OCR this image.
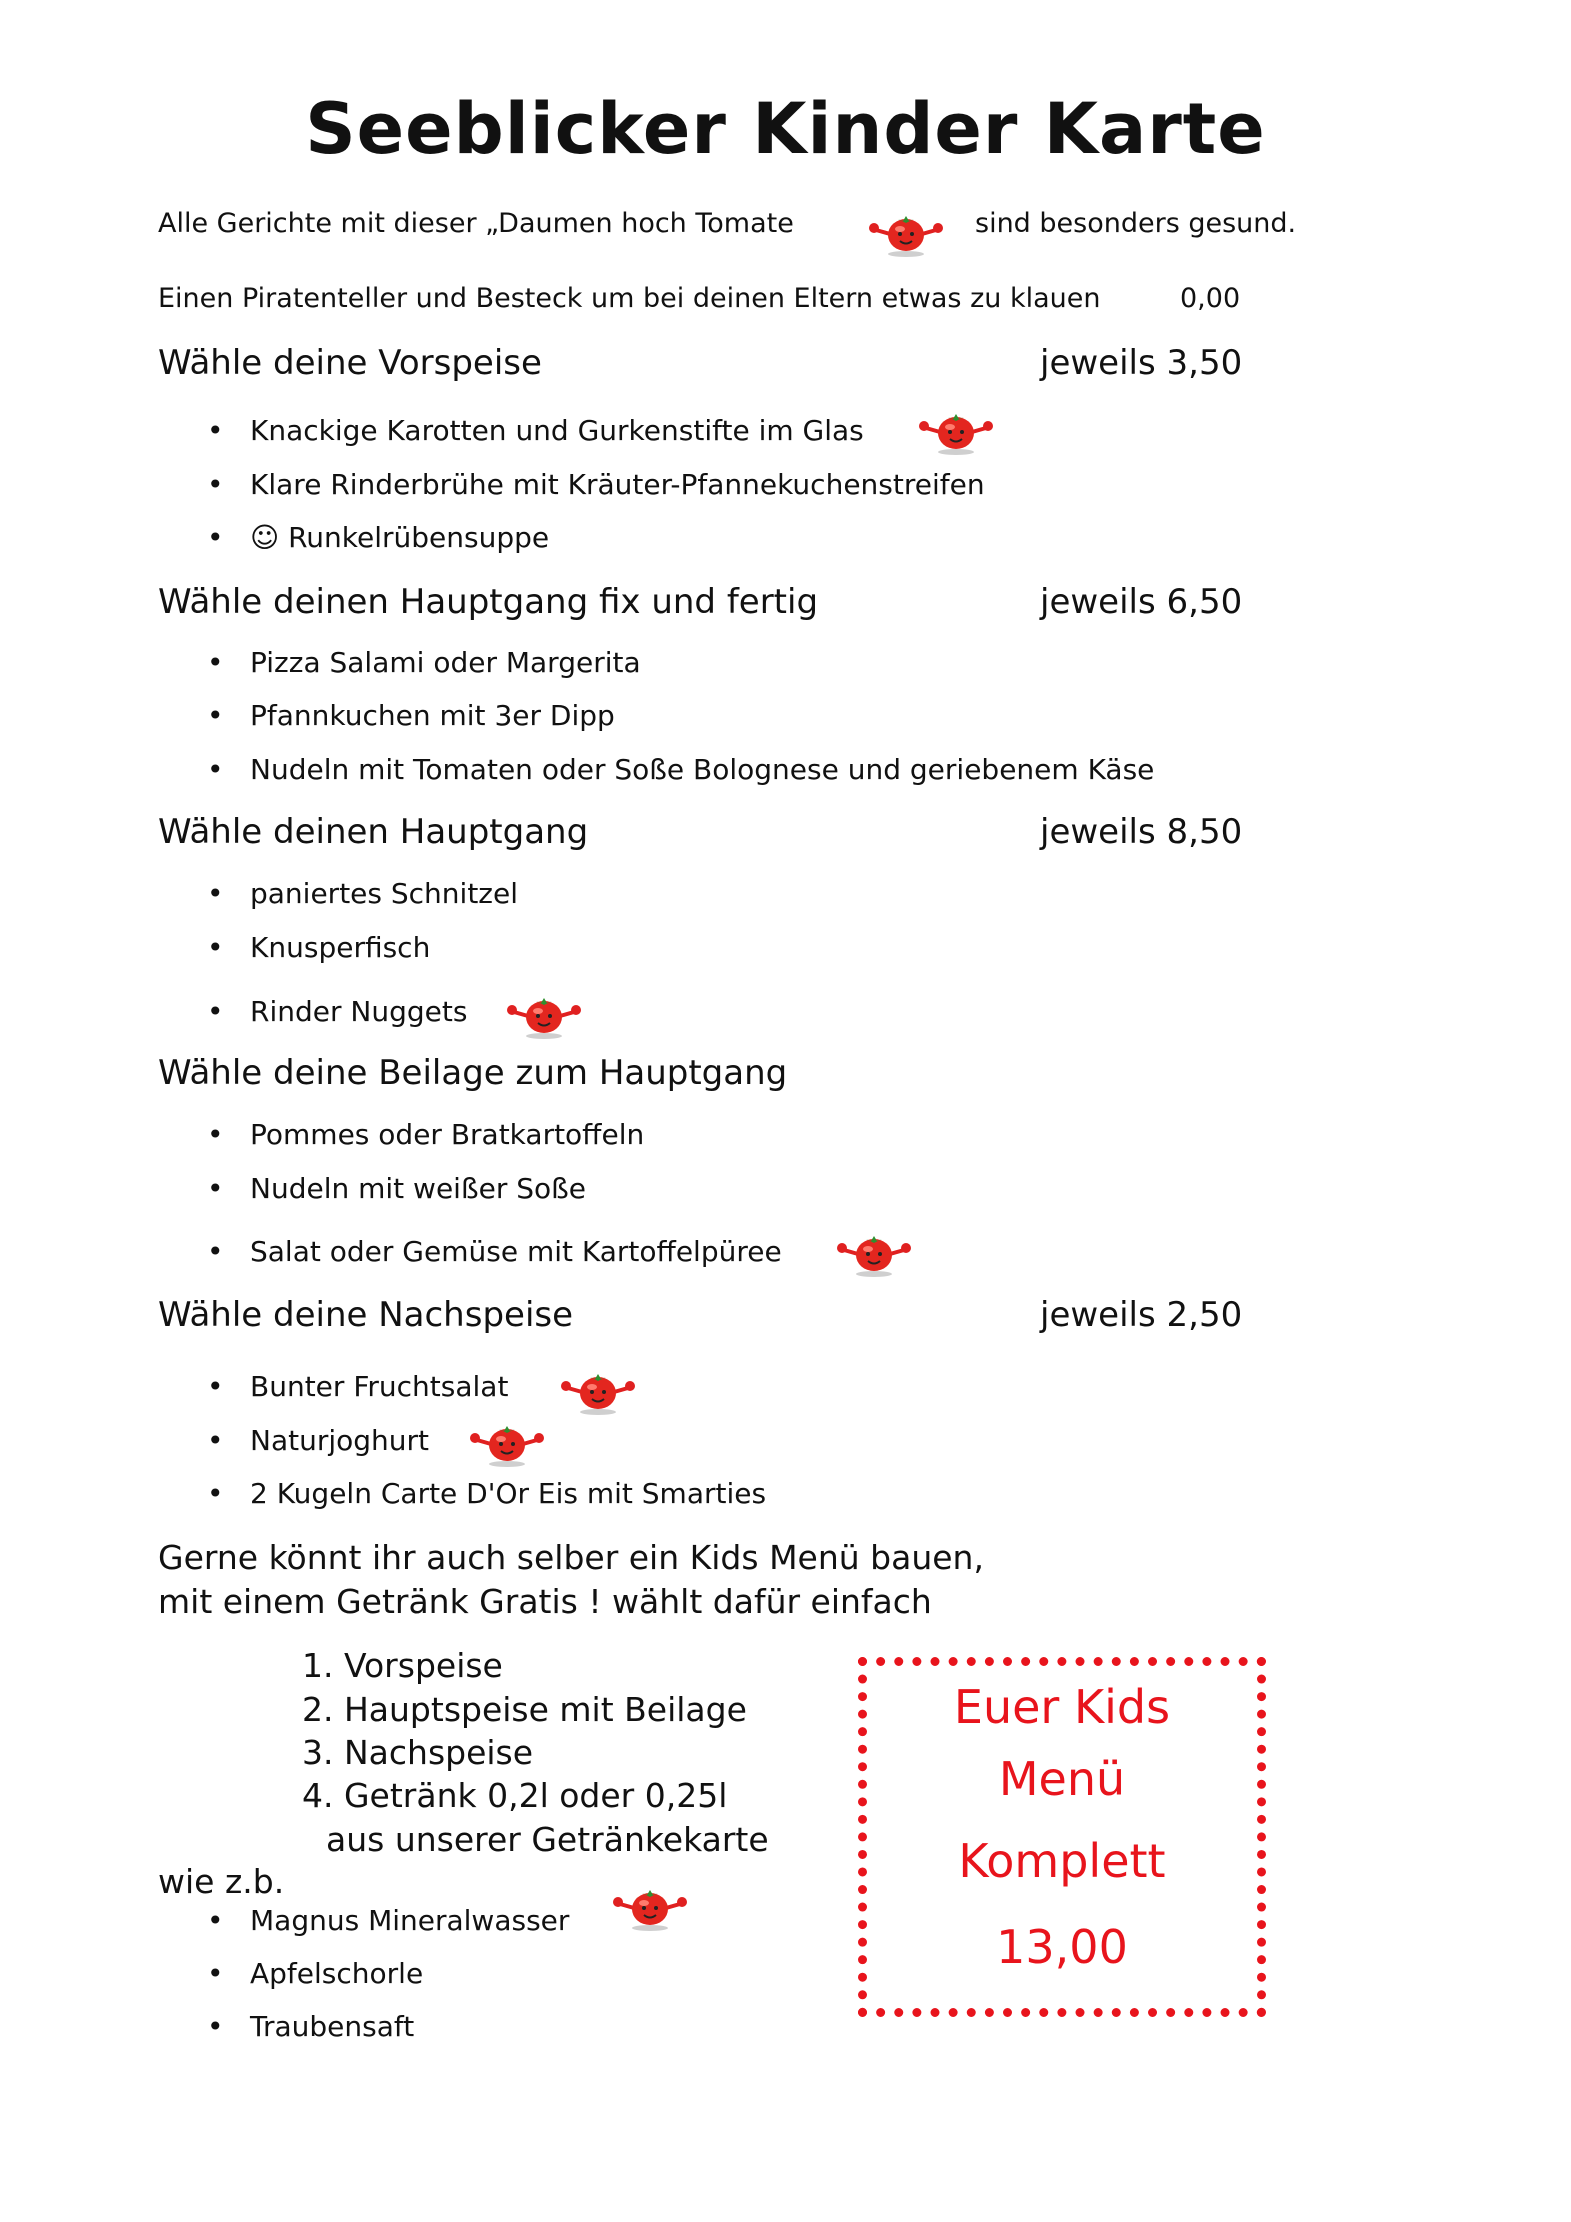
Seeblicker Kinder Karte
Alle Gerichte mit dieser „Daumen hoch Tomate	sind besonders gesund.
Einen Piratenteller und Besteck um bei deinen Eltern etwas zu klauen	0,00
Wähle deine Vorspeise	jeweils 3,50
• Knackige Karotten und Gurkenstifte im Glas
• Klare Rinderbrühe mit Kräuter-Pfannekuchenstreifen
• ☺ Runkelrübensuppe
Wähle deinen Hauptgang fix und fertig	jeweils 6,50
• Pizza Salami oder Margerita
• Pfannkuchen mit 3er Dipp
• Nudeln mit Tomaten oder Soße Bolognese und geriebenem Käse
Wähle deinen Hauptgang	jeweils 8,50
• paniertes Schnitzel
• Knusperfisch
• Rinder Nuggets
Wähle deine Beilage zum Hauptgang
• Pommes oder Bratkartoffeln
• Nudeln mit weißer Soße
• Salat oder Gemüse mit Kartoffelpüree
Wähle deine Nachspeise	jeweils 2,50
• Bunter Fruchtsalat
• Naturjoghurt
• 2 Kugeln Carte D'Or Eis mit Smarties
Gerne könnt ihr auch selber ein Kids Menü bauen,
mit einem Getränk Gratis ! wählt dafür einfach
1. Vorspeise
2. Hauptspeise mit Beilage
3. Nachspeise
4. Getränk 0,2l oder 0,25l
aus unserer Getränkekarte
wie z.b.
• Magnus Mineralwasser
• Apfelschorle
• Traubensaft
Euer Kids
Menü
Komplett
13,00
